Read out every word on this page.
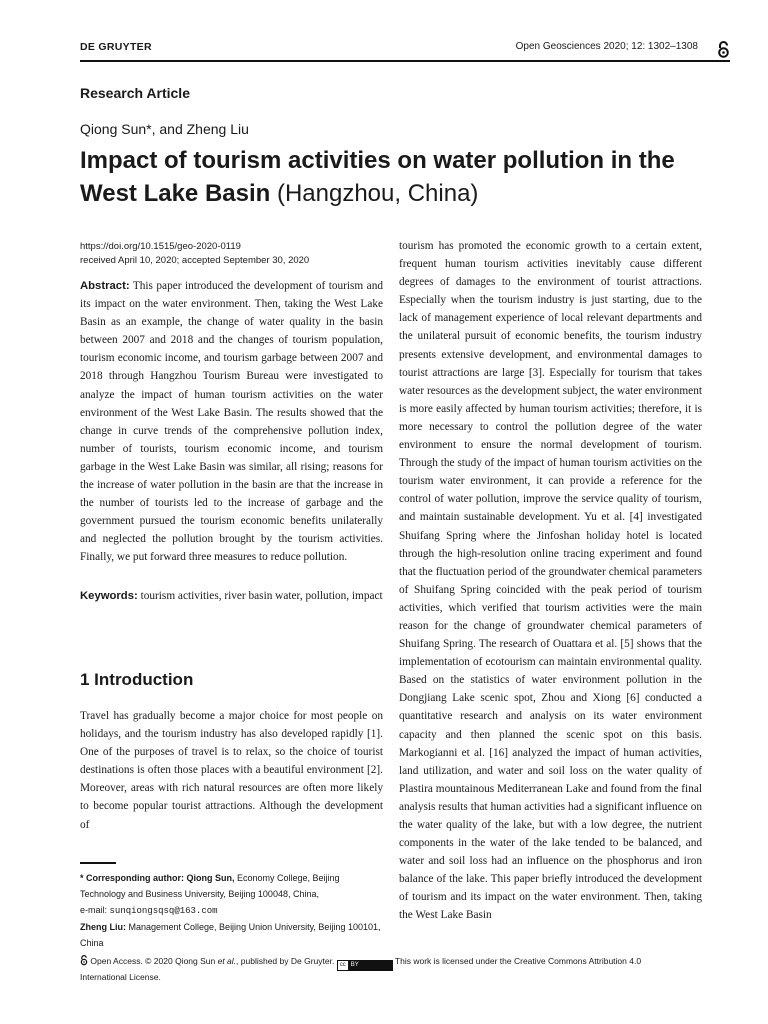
DE GRUYTER	Open Geosciences 2020; 12: 1302–1308
Research Article
Qiong Sun*, and Zheng Liu
Impact of tourism activities on water pollution in the West Lake Basin (Hangzhou, China)
https://doi.org/10.1515/geo-2020-0119
received April 10, 2020; accepted September 30, 2020
Abstract: This paper introduced the development of tourism and its impact on the water environment. Then, taking the West Lake Basin as an example, the change of water quality in the basin between 2007 and 2018 and the changes of tourism population, tourism economic income, and tourism garbage between 2007 and 2018 through Hangzhou Tourism Bureau were investigated to analyze the impact of human tourism activities on the water environment of the West Lake Basin. The results showed that the change in curve trends of the comprehensive pollution index, number of tourists, tourism economic income, and tourism garbage in the West Lake Basin was similar, all rising; reasons for the increase of water pollution in the basin are that the increase in the number of tourists led to the increase of garbage and the government pursued the tourism economic benefits unilaterally and neglected the pollution brought by the tourism activities. Finally, we put forward three measures to reduce pollution.
Keywords: tourism activities, river basin water, pollution, impact
1 Introduction
Travel has gradually become a major choice for most people on holidays, and the tourism industry has also developed rapidly [1]. One of the purposes of travel is to relax, so the choice of tourist destinations is often those places with a beautiful environment [2]. Moreover, areas with rich natural resources are often more likely to become popular tourist attractions. Although the development of
* Corresponding author: Qiong Sun, Economy College, Beijing Technology and Business University, Beijing 100048, China,
e-mail: sunqiongsqsq@163.com
Zheng Liu: Management College, Beijing Union University, Beijing 100101, China
tourism has promoted the economic growth to a certain extent, frequent human tourism activities inevitably cause different degrees of damages to the environment of tourist attractions. Especially when the tourism industry is just starting, due to the lack of management experience of local relevant departments and the unilateral pursuit of economic benefits, the tourism industry presents extensive development, and environmental damages to tourist attractions are large [3]. Especially for tourism that takes water resources as the development subject, the water environment is more easily affected by human tourism activities; therefore, it is more necessary to control the pollution degree of the water environment to ensure the normal development of tourism. Through the study of the impact of human tourism activities on the tourism water environment, it can provide a reference for the control of water pollution, improve the service quality of tourism, and maintain sustainable development. Yu et al. [4] investigated Shuifang Spring where the Jinfoshan holiday hotel is located through the high-resolution online tracing experiment and found that the fluctuation period of the groundwater chemical parameters of Shuifang Spring coincided with the peak period of tourism activities, which verified that tourism activities were the main reason for the change of groundwater chemical parameters of Shuifang Spring. The research of Ouattara et al. [5] shows that the implementation of ecotourism can maintain environmental quality. Based on the statistics of water environment pollution in the Dongjiang Lake scenic spot, Zhou and Xiong [6] conducted a quantitative research and analysis on its water environment capacity and then planned the scenic spot on this basis. Markogianni et al. [16] analyzed the impact of human activities, land utilization, and water and soil loss on the water quality of Plastira mountainous Mediterranean Lake and found from the final analysis results that human activities had a significant influence on the water quality of the lake, but with a low degree, the nutrient components in the water of the lake tended to be balanced, and water and soil loss had an influence on the phosphorus and iron balance of the lake. This paper briefly introduced the development of tourism and its impact on the water environment. Then, taking the West Lake Basin
Open Access. © 2020 Qiong Sun et al., published by De Gruyter. cc BY	This work is licensed under the Creative Commons Attribution 4.0 International License.
